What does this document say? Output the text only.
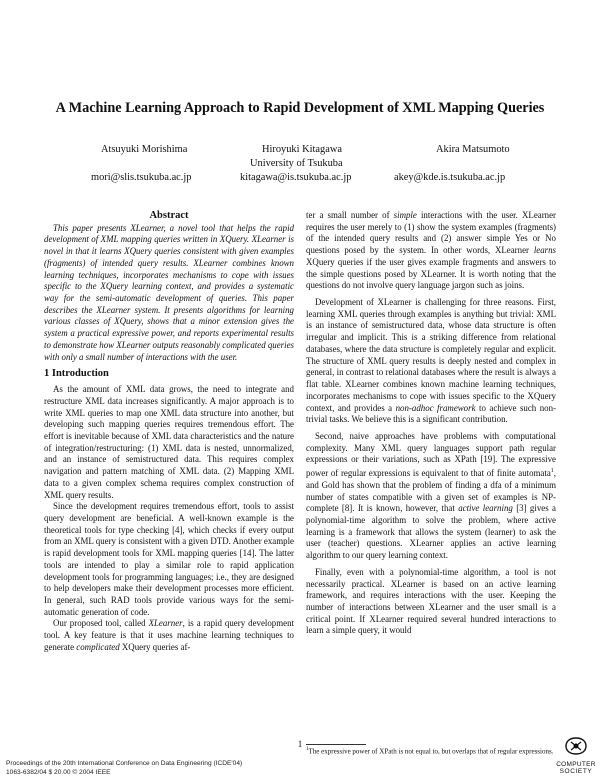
A Machine Learning Approach to Rapid Development of XML Mapping Queries
Atsuyuki Morishima	Hiroyuki Kitagawa	Akira Matsumoto
University of Tsukuba
mori@slis.tsukuba.ac.jp	kitagawa@is.tsukuba.ac.jp	akey@kde.is.tsukuba.ac.jp
Abstract

This paper presents XLearner, a novel tool that helps the rapid development of XML mapping queries written in XQuery. XLearner is novel in that it learns XQuery queries consistent with given examples (fragments) of intended query results. XLearner combines known learning techniques, incorporates mechanisms to cope with issues specific to the XQuery learning context, and provides a systematic way for the semi-automatic development of queries. This paper describes the XLearner system. It presents algorithms for learning various classes of XQuery, shows that a minor extension gives the system a practical expressive power, and reports experimental results to demonstrate how XLearner outputs reasonably complicated queries with only a small number of interactions with the user.

1 Introduction

As the amount of XML data grows, the need to integrate and restructure XML data increases significantly. A major approach is to write XML queries to map one XML data structure into another, but developing such mapping queries requires tremendous effort. The effort is inevitable because of XML data characteristics and the nature of integration/restructuring: (1) XML data is nested, unnormalized, and an instance of semistructured data. This requires complex navigation and pattern matching of XML data. (2) Mapping XML data to a given complex schema requires complex construction of XML query results.

Since the development requires tremendous effort, tools to assist query development are beneficial. A well-known example is the theoretical tools for type checking [4], which checks if every output from an XML query is consistent with a given DTD. Another example is rapid development tools for XML mapping queries [14]. The latter tools are intended to play a similar role to rapid application development tools for programming languages; i.e., they are designed to help developers make their development processes more efficient. In general, such RAD tools provide various ways for the semi-automatic generation of code.

Our proposed tool, called XLearner, is a rapid query development tool. A key feature is that it uses machine learning techniques to generate complicated XQuery queries af-

ter a small number of simple interactions with the user. XLearner requires the user merely to (1) show the system examples (fragments) of the intended query results and (2) answer simple Yes or No questions posed by the system. In other words, XLearner learns XQuery queries if the user gives example fragments and answers to the simple questions posed by XLearner. It is worth noting that the questions do not involve query language jargon such as joins.

Development of XLearner is challenging for three reasons. First, learning XML queries through examples is anything but trivial: XML is an instance of semistructured data, whose data structure is often irregular and implicit. This is a striking difference from relational databases, where the data structure is completely regular and explicit. The structure of XML query results is deeply nested and complex in general, in contrast to relational databases where the result is always a flat table. XLearner combines known machine learning techniques, incorporates mechanisms to cope with issues specific to the XQuery context, and provides a non-adhoc framework to achieve such non-trivial tasks. We believe this is a significant contribution.

Second, naive approaches have problems with computational complexity. Many XML query languages support path regular expressions or their variations, such as XPath [19]. The expressive power of regular expressions is equivalent to that of finite automata$^1$, and Gold has shown that the problem of finding a dfa of a minimum number of states compatible with a given set of examples is NP-complete [8]. It is known, however, that active learning [3] gives a polynomial-time algorithm to solve the problem, where active learning is a framework that allows the system (learner) to ask the user (teacher) questions. XLearner applies an active learning algorithm to our query learning context.

Finally, even with a polynomial-time algorithm, a tool is not necessarily practical. XLearner is based on an active learning framework, and requires interactions with the user. Keeping the number of interactions between XLearner and the user small is a critical point. If XLearner required several hundred interactions to learn a simple query, it would

$^1$The expressive power of XPath is not equal to, but overlaps that of regular expressions.
1
Proceedings of the 20th International Conference on Data Engineering (ICDE'04)
1063-6382/04 $ 20.00 © 2004 IEEE
COMPUTER
SOCIETY
